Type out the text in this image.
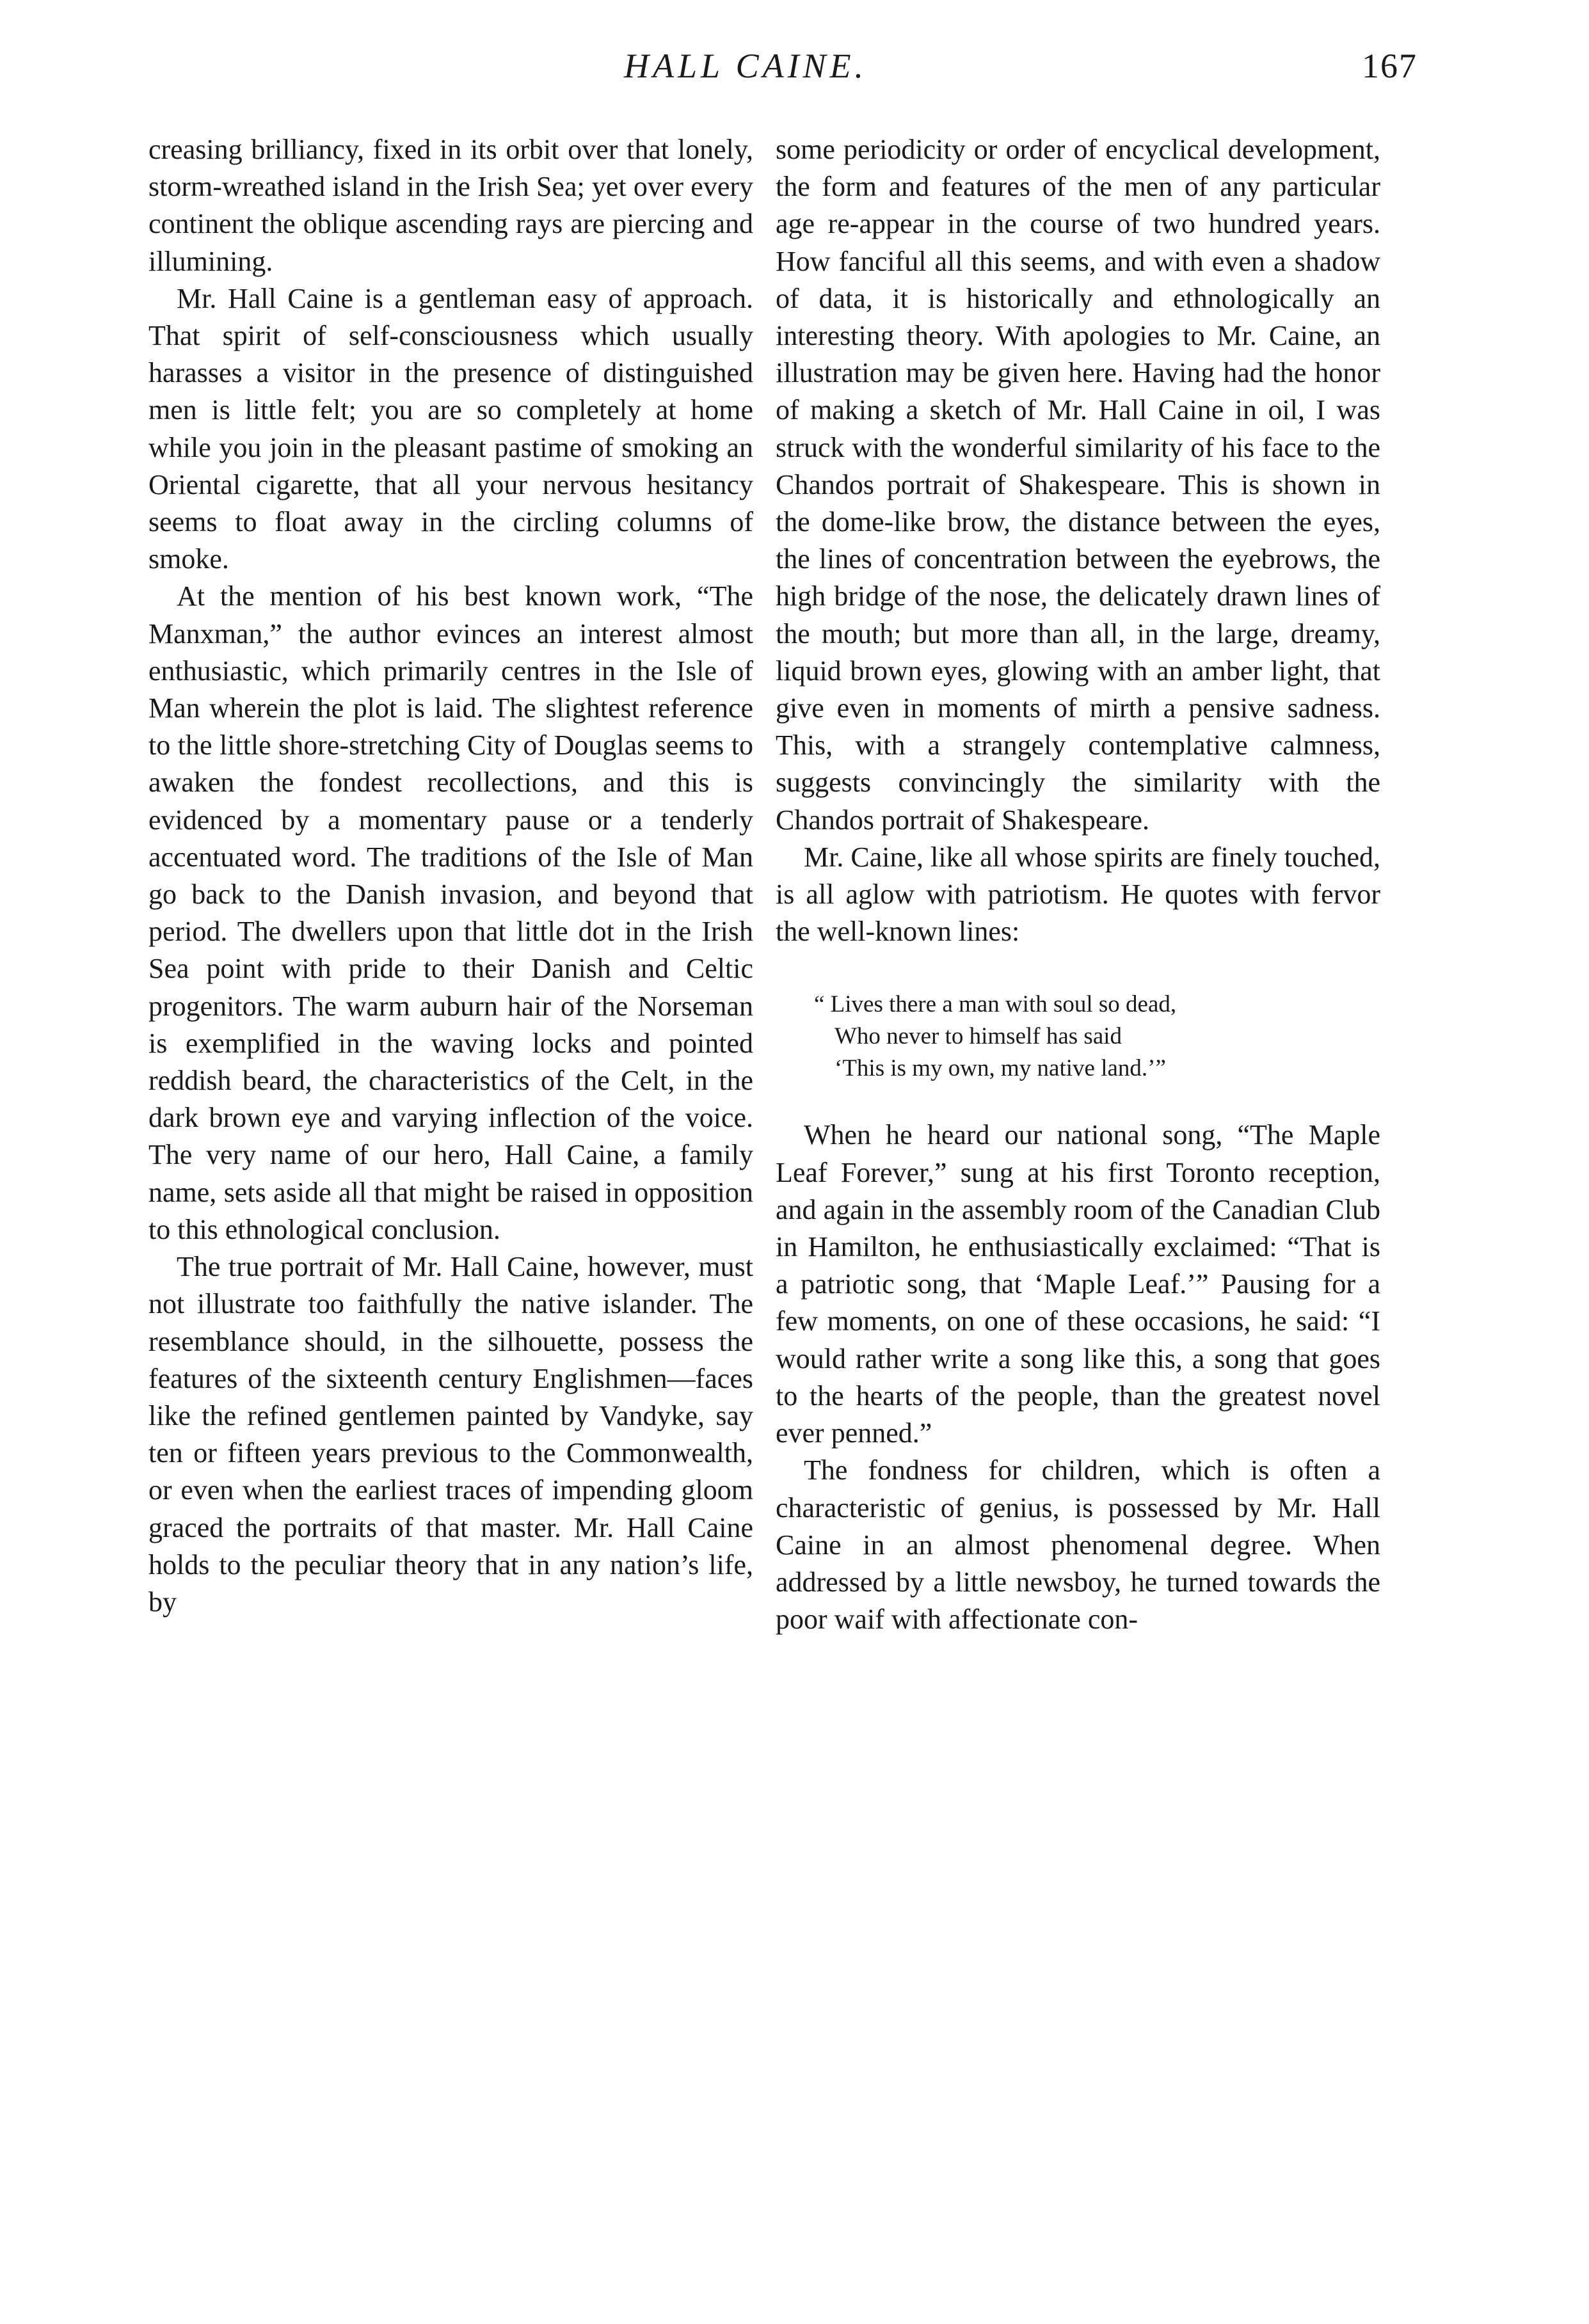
HALL CAINE.	167

creasing brilliancy, fixed in its orbit over that lonely, storm-wreathed island in the Irish Sea; yet over every continent the oblique ascending rays are piercing and illumining.

Mr. Hall Caine is a gentleman easy of approach. That spirit of self-consciousness which usually harasses a visitor in the presence of distinguished men is little felt; you are so completely at home while you join in the pleasant pastime of smoking an Oriental cigarette, that all your nervous hesitancy seems to float away in the circling columns of smoke.

At the mention of his best known work, “The Manxman,” the author evinces an interest almost enthusiastic, which primarily centres in the Isle of Man wherein the plot is laid. The slightest reference to the little shore-stretching City of Douglas seems to awaken the fondest recollections, and this is evidenced by a momentary pause or a tenderly accentuated word. The traditions of the Isle of Man go back to the Danish invasion, and beyond that period. The dwellers upon that little dot in the Irish Sea point with pride to their Danish and Celtic progenitors. The warm auburn hair of the Norseman is exemplified in the waving locks and pointed reddish beard, the characteristics of the Celt, in the dark brown eye and varying inflection of the voice. The very name of our hero, Hall Caine, a family name, sets aside all that might be raised in opposition to this ethnological conclusion.

The true portrait of Mr. Hall Caine, however, must not illustrate too faithfully the native islander. The resemblance should, in the silhouette, possess the features of the sixteenth century Englishmen—faces like the refined gentlemen painted by Vandyke, say ten or fifteen years previous to the Commonwealth, or even when the earliest traces of impending gloom graced the portraits of that master. Mr. Hall Caine holds to the peculiar theory that in any nation’s life, by

some periodicity or order of encyclical development, the form and features of the men of any particular age re-appear in the course of two hundred years. How fanciful all this seems, and with even a shadow of data, it is historically and ethnologically an interesting theory. With apologies to Mr. Caine, an illustration may be given here. Having had the honor of making a sketch of Mr. Hall Caine in oil, I was struck with the wonderful similarity of his face to the Chandos portrait of Shakespeare. This is shown in the dome-like brow, the distance between the eyes, the lines of concentration between the eyebrows, the high bridge of the nose, the delicately drawn lines of the mouth; but more than all, in the large, dreamy, liquid brown eyes, glowing with an amber light, that give even in moments of mirth a pensive sadness. This, with a strangely contemplative calmness, suggests convincingly the similarity with the Chandos portrait of Shakespeare.

Mr. Caine, like all whose spirits are finely touched, is all aglow with patriotism. He quotes with fervor the well-known lines:

“ Lives there a man with soul so dead,
Who never to himself has said
‘This is my own, my native land.’”

When he heard our national song, “The Maple Leaf Forever,” sung at his first Toronto reception, and again in the assembly room of the Canadian Club in Hamilton, he enthusiastically exclaimed: “That is a patriotic song, that ‘Maple Leaf.’” Pausing for a few moments, on one of these occasions, he said: “I would rather write a song like this, a song that goes to the hearts of the people, than the greatest novel ever penned.”

The fondness for children, which is often a characteristic of genius, is possessed by Mr. Hall Caine in an almost phenomenal degree. When addressed by a little newsboy, he turned towards the poor waif with affectionate con-
